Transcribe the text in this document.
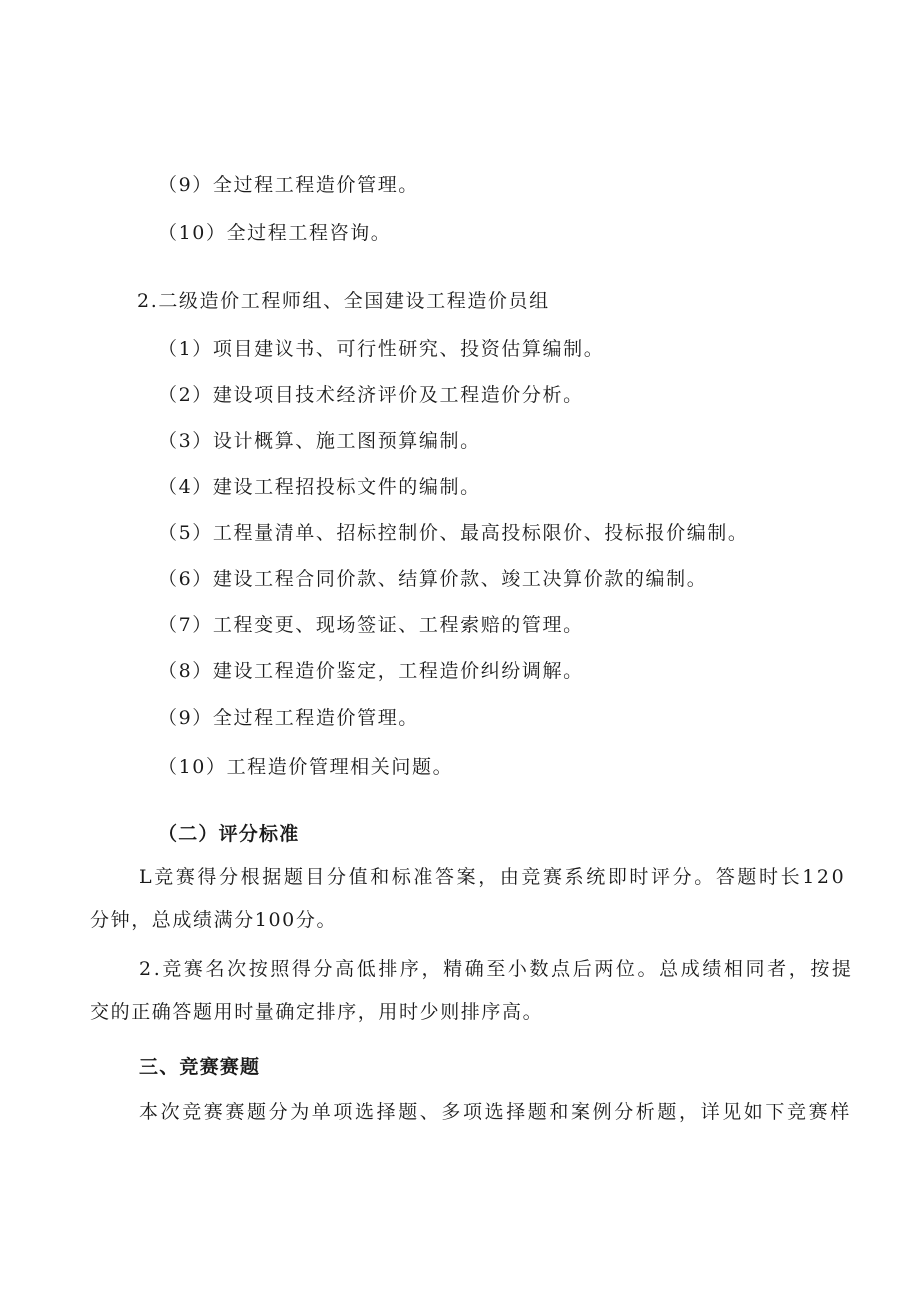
（9）全过程工程造价管理。
（10）全过程工程咨询。
2.二级造价工程师组、全国建设工程造价员组
（1）项目建议书、可行性研究、投资估算编制。
（2）建设项目技术经济评价及工程造价分析。
（3）设计概算、施工图预算编制。
（4）建设工程招投标文件的编制。
（5）工程量清单、招标控制价、最高投标限价、投标报价编制。
（6）建设工程合同价款、结算价款、竣工决算价款的编制。
（7）工程变更、现场签证、工程索赔的管理。
（8）建设工程造价鉴定，工程造价纠纷调解。
（9）全过程工程造价管理。
（10）工程造价管理相关问题。
（二）评分标准
L竞赛得分根据题目分值和标准答案，由竞赛系统即时评分。答题时长120
分钟，总成绩满分100分。
2.竞赛名次按照得分高低排序，精确至小数点后两位。总成绩相同者，按提
交的正确答题用时量确定排序，用时少则排序高。
三、竞赛赛题
本次竞赛赛题分为单项选择题、多项选择题和案例分析题，详见如下竞赛样
